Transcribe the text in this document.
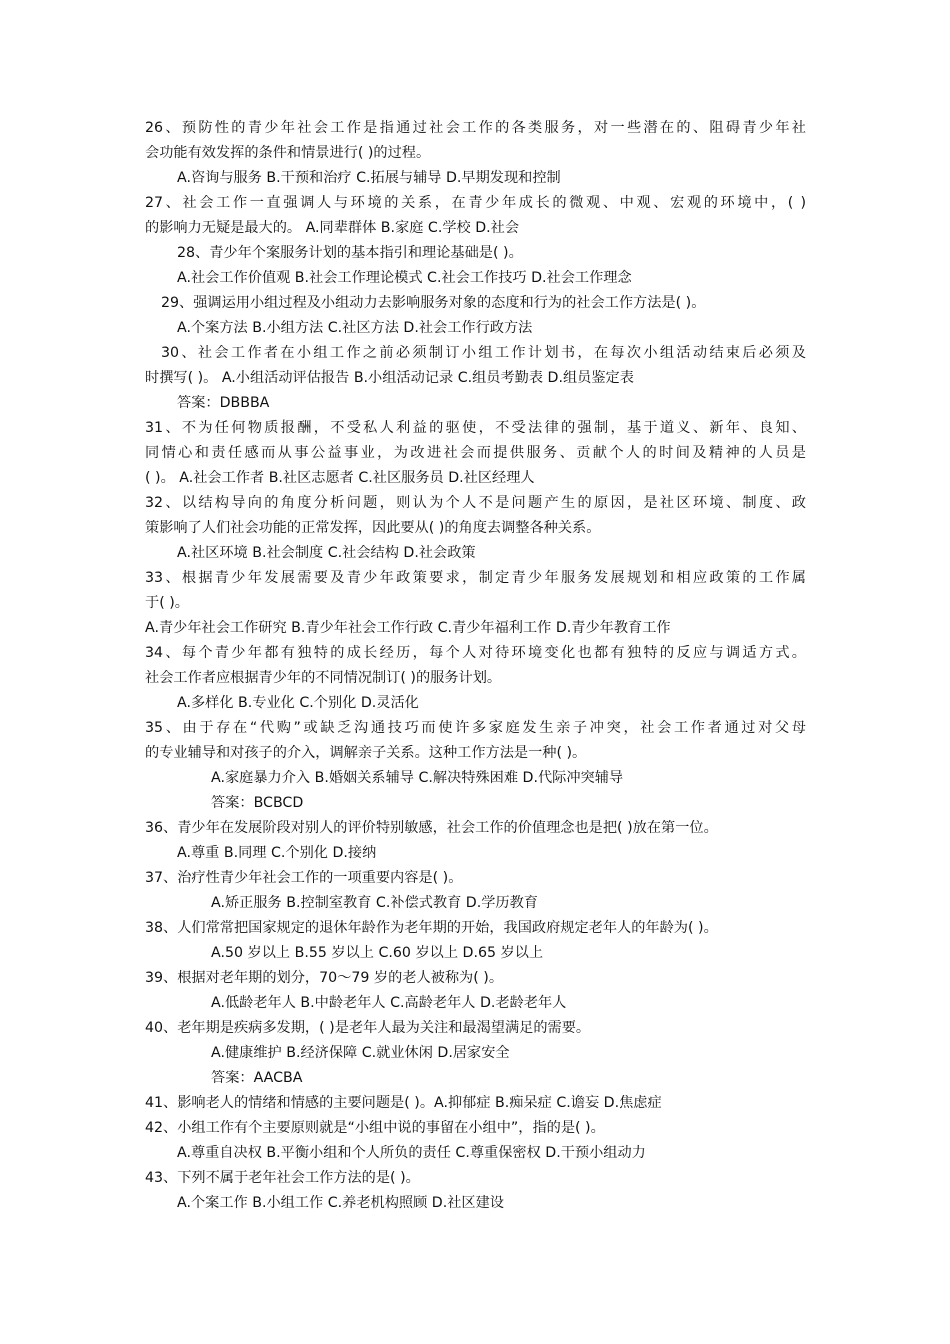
26、预防性的青少年社会工作是指通过社会工作的各类服务，对一些潜在的、阻碍青少年社
会功能有效发挥的条件和情景进行( )的过程。
A.咨询与服务 B.干预和治疗 C.拓展与辅导 D.早期发现和控制
27、社会工作一直强调人与环境的关系，在青少年成长的微观、中观、宏观的环境中，( )
的影响力无疑是最大的。 A.同辈群体 B.家庭 C.学校 D.社会
28、青少年个案服务计划的基本指引和理论基础是( )。
A.社会工作价值观 B.社会工作理论模式 C.社会工作技巧 D.社会工作理念
29、强调运用小组过程及小组动力去影响服务对象的态度和行为的社会工作方法是( )。
A.个案方法 B.小组方法 C.社区方法 D.社会工作行政方法
30、社会工作者在小组工作之前必须制订小组工作计划书，在每次小组活动结束后必须及
时撰写( )。 A.小组活动评估报告 B.小组活动记录 C.组员考勤表 D.组员鉴定表
答案：DBBBA
31、不为任何物质报酬，不受私人利益的驱使，不受法律的强制，基于道义、新年、良知、
同情心和责任感而从事公益事业，为改进社会而提供服务、贡献个人的时间及精神的人员是
( )。 A.社会工作者 B.社区志愿者 C.社区服务员 D.社区经理人
32、以结构导向的角度分析问题，则认为个人不是问题产生的原因，是社区环境、制度、政
策影响了人们社会功能的正常发挥，因此要从( )的角度去调整各种关系。
A.社区环境 B.社会制度 C.社会结构 D.社会政策
33、根据青少年发展需要及青少年政策要求，制定青少年服务发展规划和相应政策的工作属
于( )。
A.青少年社会工作研究 B.青少年社会工作行政 C.青少年福利工作 D.青少年教育工作
34、每个青少年都有独特的成长经历，每个人对待环境变化也都有独特的反应与调适方式。
社会工作者应根据青少年的不同情况制订( )的服务计划。
A.多样化 B.专业化 C.个别化 D.灵活化
35、由于存在“代购”或缺乏沟通技巧而使许多家庭发生亲子冲突，社会工作者通过对父母
的专业辅导和对孩子的介入，调解亲子关系。这种工作方法是一种( )。
A.家庭暴力介入 B.婚姻关系辅导 C.解决特殊困难 D.代际冲突辅导
答案：BCBCD
36、青少年在发展阶段对别人的评价特别敏感，社会工作的价值理念也是把( )放在第一位。
A.尊重 B.同理 C.个别化 D.接纳
37、治疗性青少年社会工作的一项重要内容是( )。
A.矫正服务 B.控制室教育 C.补偿式教育 D.学历教育
38、人们常常把国家规定的退休年龄作为老年期的开始，我国政府规定老年人的年龄为( )。
A.50 岁以上 B.55 岁以上 C.60 岁以上 D.65 岁以上
39、根据对老年期的划分，70～79 岁的老人被称为( )。
A.低龄老年人 B.中龄老年人 C.高龄老年人 D.老龄老年人
40、老年期是疾病多发期，( )是老年人最为关注和最渴望满足的需要。
A.健康维护 B.经济保障 C.就业休闲 D.居家安全
答案：AACBA
41、影响老人的情绪和情感的主要问题是( )。A.抑郁症 B.痴呆症 C.谵妄 D.焦虑症
42、小组工作有个主要原则就是“小组中说的事留在小组中”，指的是( )。
A.尊重自决权 B.平衡小组和个人所负的责任 C.尊重保密权 D.干预小组动力
43、下列不属于老年社会工作方法的是( )。
A.个案工作 B.小组工作 C.养老机构照顾 D.社区建设
